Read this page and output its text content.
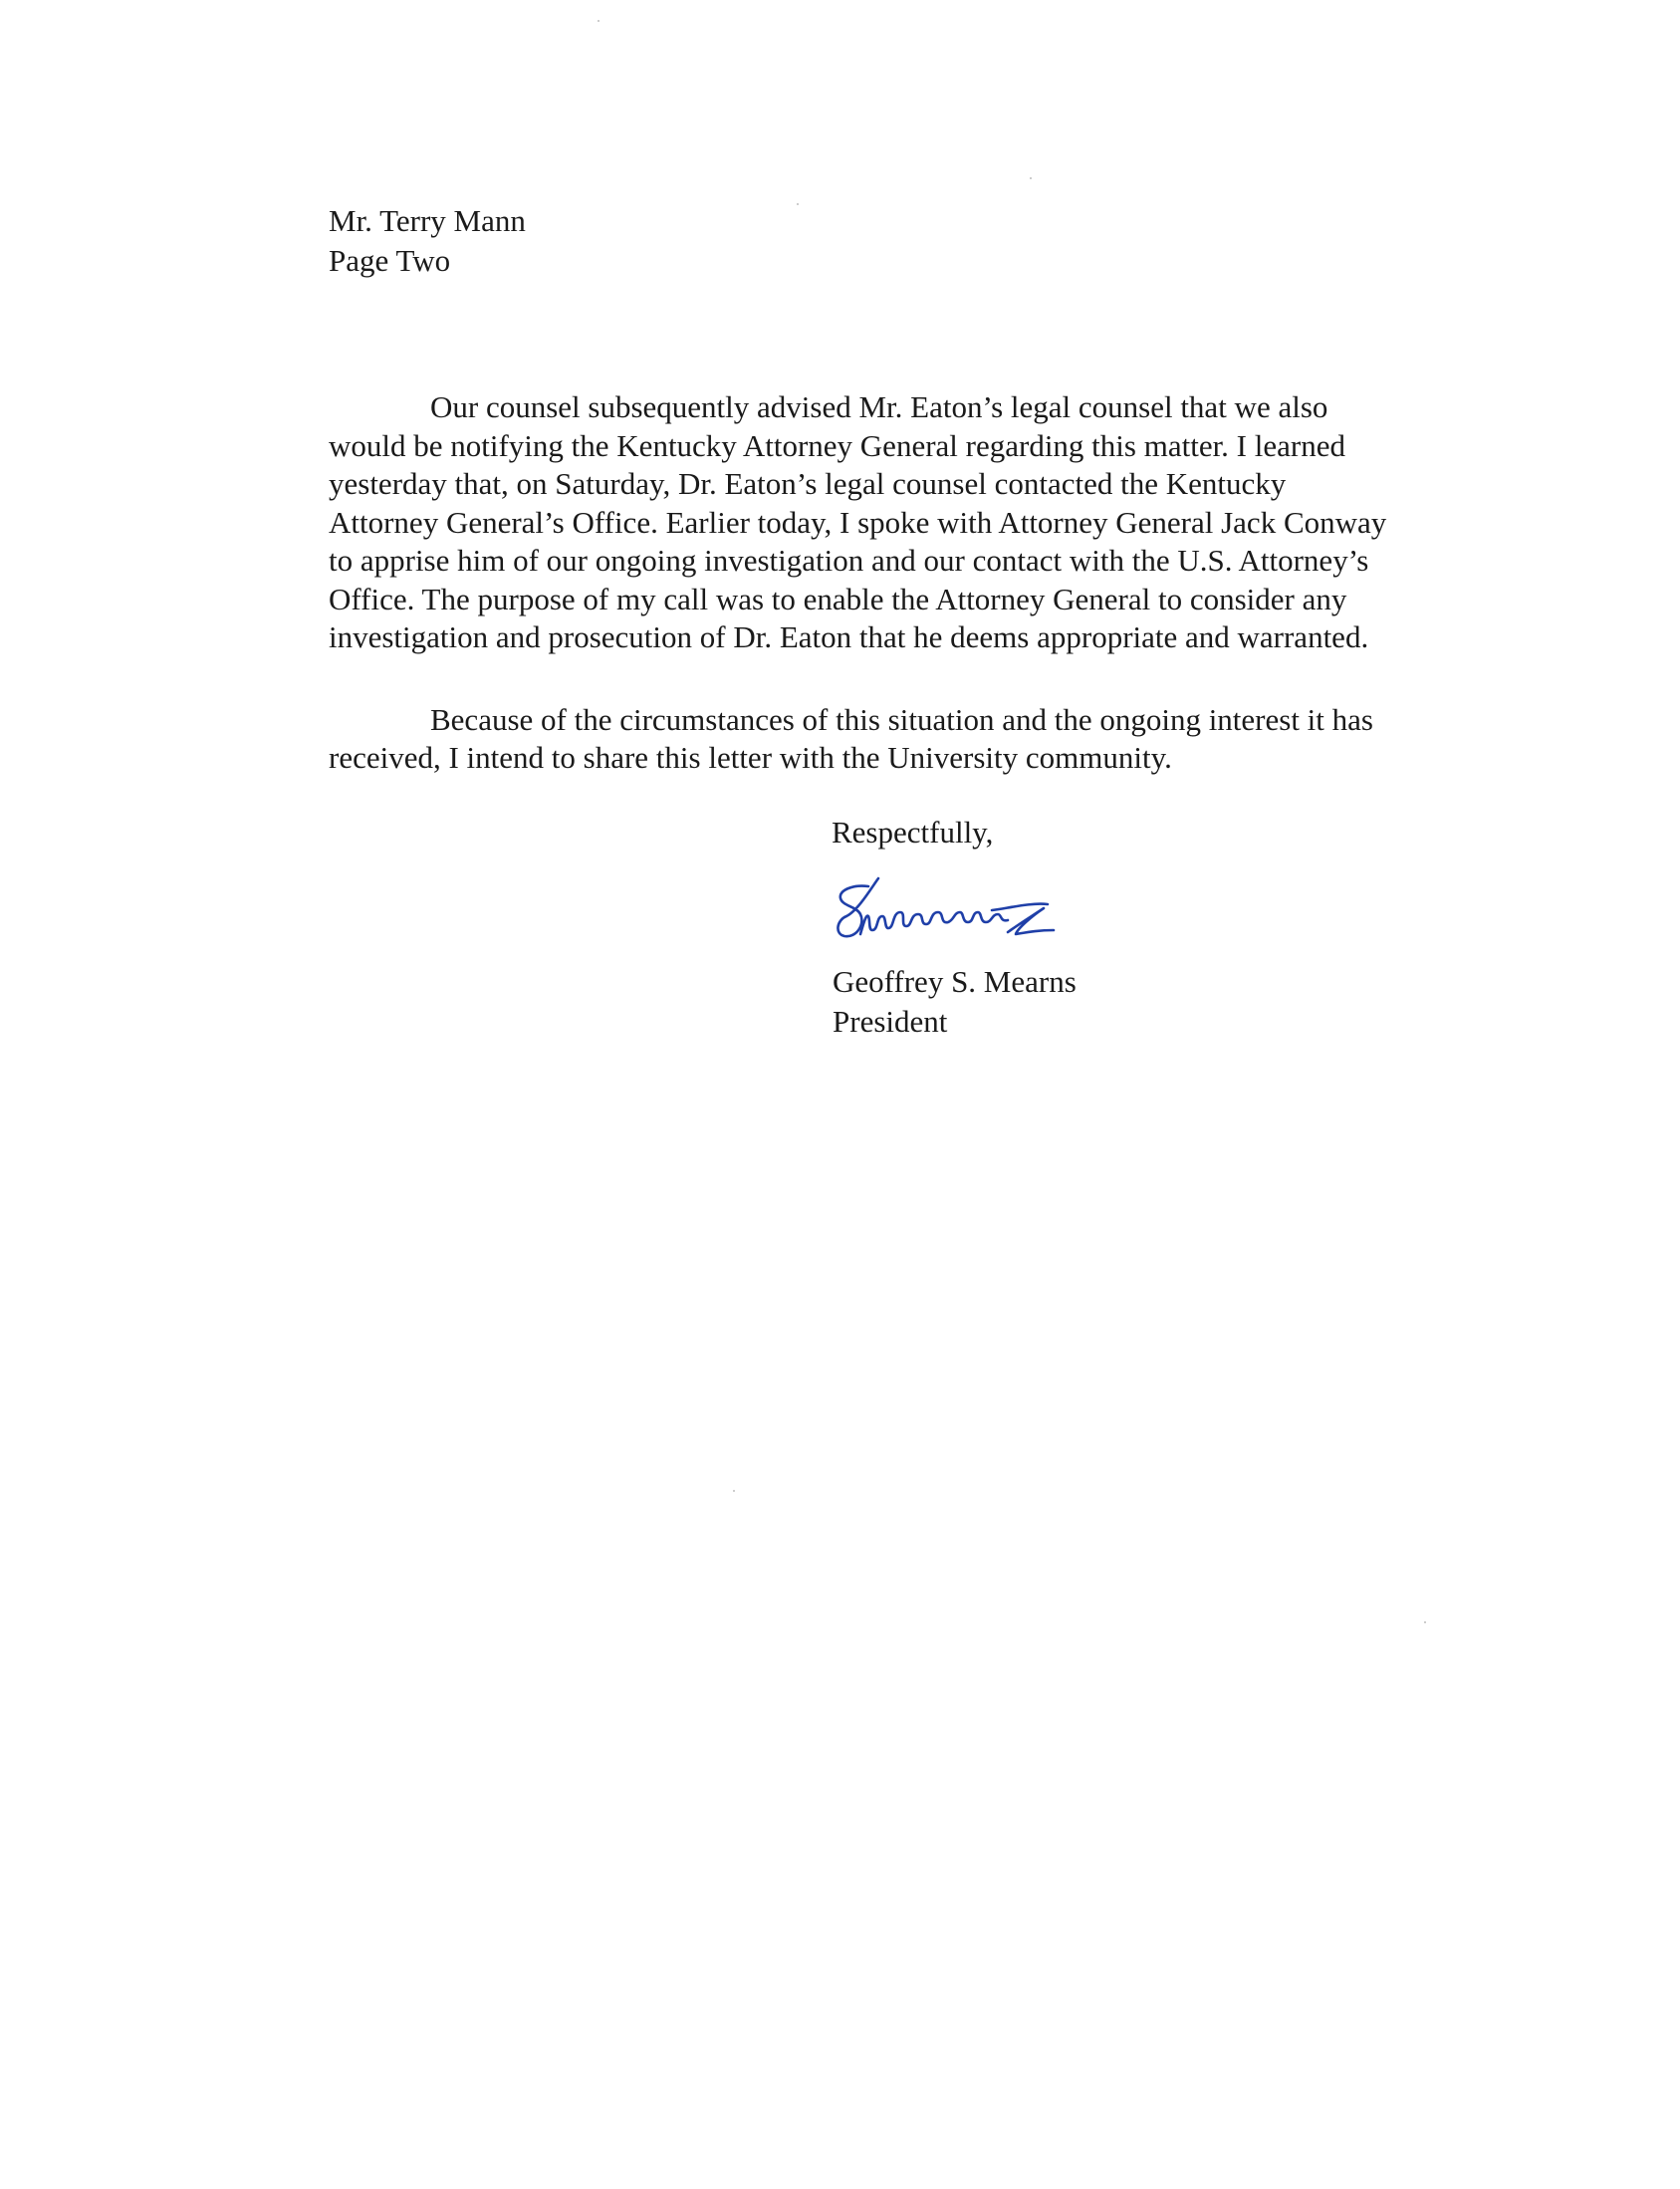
Mr. Terry Mann
Page Two
Our counsel subsequently advised Mr. Eaton’s legal counsel that we also
would be notifying the Kentucky Attorney General regarding this matter. I learned
yesterday that, on Saturday, Dr. Eaton’s legal counsel contacted the Kentucky
Attorney General’s Office. Earlier today, I spoke with Attorney General Jack Conway
to apprise him of our ongoing investigation and our contact with the U.S. Attorney’s
Office. The purpose of my call was to enable the Attorney General to consider any
investigation and prosecution of Dr. Eaton that he deems appropriate and warranted.
Because of the circumstances of this situation and the ongoing interest it has
received, I intend to share this letter with the University community.
Respectfully,
Geoffrey S. Mearns
President
